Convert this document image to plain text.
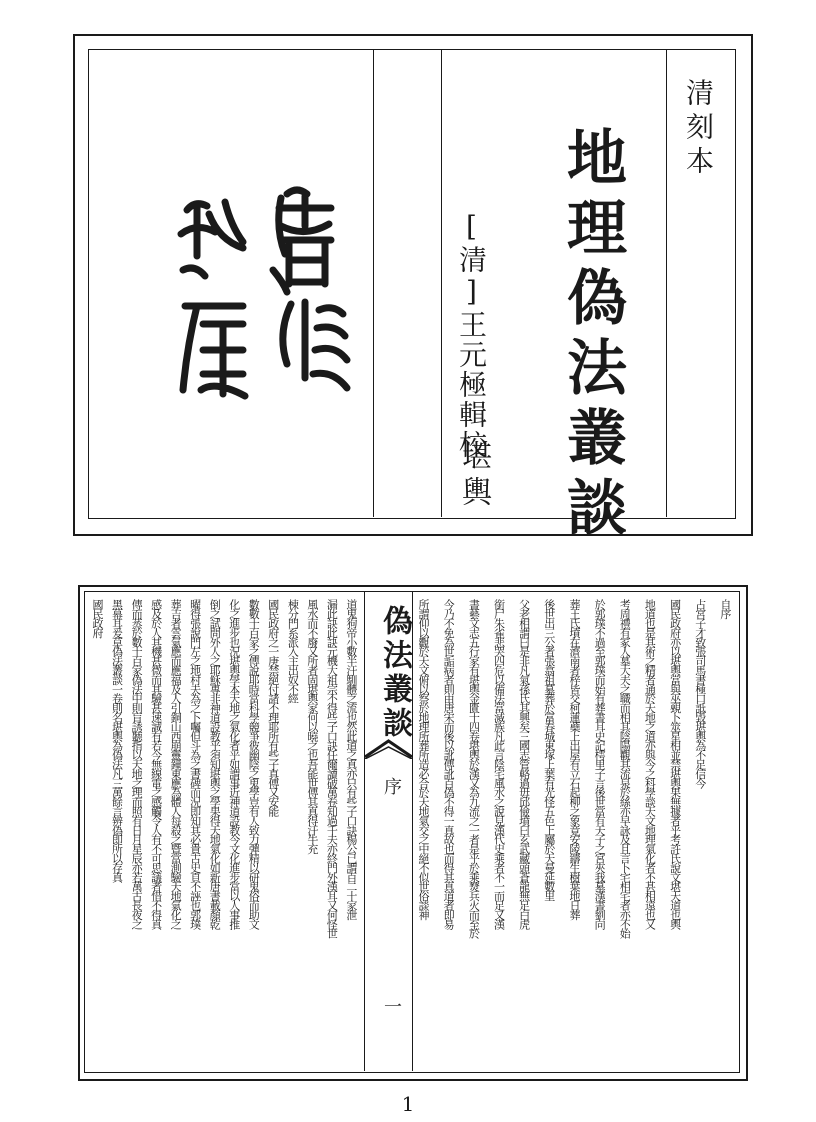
清刻本
地理偽法叢談
[清]王元極輯校
堪輿
自序
占宮子才致張司馬書極口詆毀堪輿為不足信今
國民政府亦以堪輿當與巫覡卜筮星相並禁堪輿果無據者乎考許氏說文堪天道也輿
地道也是其術之精者通於天地之道亦與今之科學談天文地理氣化者不甚相遠也又
考周禮有冢人墓大夫之職而相其陰陽觀其流泉於絲亦早詠及且言卜宅相宅者亦不始
於郭璞不過至郭璞而始有葬書耳史記樗里子言後世當有天子之宮夾我墓漢書劉向
葬王氏墳在濟南者梓皆交柯蓮蘗上出屋有立石起柳之象竟安陵鑄生樹葉地日葬
後世出三公者張翕祖墓葬於富春城東塚上葉有光怪五色上屬於天曼延數里
父老相謂曰是非凡氣孫氏其興矣三國志管輅過毋邱儉墳曰玄武藏頭蒼龍無足白虎
銜尸朱雀悲哭四危以備法當滅族凡此言陰宅風水之說見漢代史乘者不一而足又漢
書藝文志五行家有堪輿金匱十四卷堪輿於漢又為九流之一者是乎於乘燹兵火而至於
今乃不免為世詬病者則由唐宋而後以訛傳訛百偽不得一真故也而得其真道者即易
所謂仰以觀於天文俯以察於地理所葬所造必合於天地氣交之中絕不似世俗談神
偽法叢談
序
一
道鬼狗帝小數半汙馴體之流也然此道之真亦只有些子口訣楊公已謂百二十家泄
漏此訣此訣元機大祖宗不得些子口訣任爾讀破萬卷知過千夫亦終門外漢耳又何怪世
風水而不廢又所者固堪輿家何以曉之也吾能世傳其真得汗牛充
棟分門系派入主出奴不經
國民政府之一庚禁絕付諸不理耶所有些子真傳又安能
數數十百家之傳說耶時當科學競爭彼幽陰之鬼學豈有人致力彈精以研鬼俗而助文
化之進步也況堪輿學本天地之氣化者乎如謂事近神道設教今文化進步當以人事推
倒之試問外人之耶穌專非神道設教乎須知堪輿之學果得天地氣化如新唐書載顏乾
曜得張說門左之地村夫為之卜囑但斗為之書碑而況即知其必貴古史頁不誣也郭璞
葬吉者雲氣應而應福及人引銅山西崩靈鐘東應為體人每殺之暨當測驗天地氣化之
感及於人其機甚微而其驗甚速誠有若今無線電之感觸令人有不可思議者惜不得真
傳而蒸於數十百家偽法中則盲誘聽指以天地之理而照有日月星辰亦若萬古長夜之
黑幕耳爰草偽法叢談一卷則名堪輿為偽法凡三萬餘言辨偽即所以存真
國民政府
1
